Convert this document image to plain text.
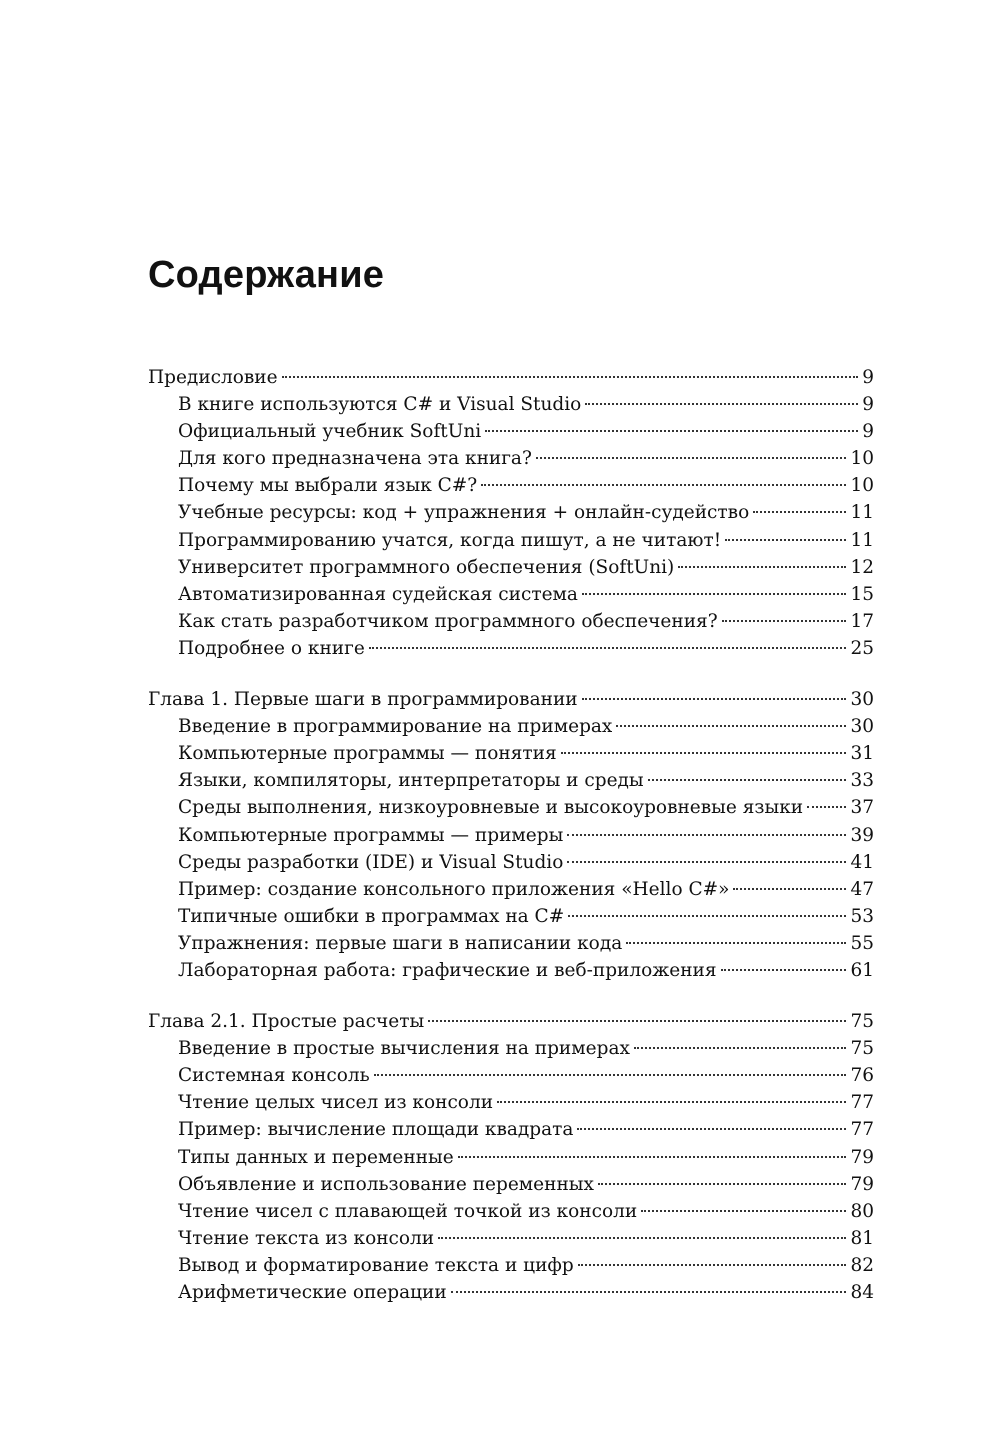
Содержание
Предисловие	9
В книге используются C# и Visual Studio	9
Официальный учебник SoftUni	9
Для кого предназначена эта книга?	10
Почему мы выбрали язык C#?	10
Учебные ресурсы: код + упражнения + онлайн-судейство	11
Программированию учатся, когда пишут, а не читают!	11
Университет программного обеспечения (SoftUni)	12
Автоматизированная судейская система	15
Как стать разработчиком программного обеспечения?	17
Подробнее о книге	25
Глава 1. Первые шаги в программировании	30
Введение в программирование на примерах	30
Компьютерные программы — понятия	31
Языки, компиляторы, интерпретаторы и среды	33
Среды выполнения, низкоуровневые и высокоуровневые языки	37
Компьютерные программы — примеры	39
Среды разработки (IDE) и Visual Studio	41
Пример: создание консольного приложения «Hello C#»	47
Типичные ошибки в программах на C#	53
Упражнения: первые шаги в написании кода	55
Лабораторная работа: графические и веб-приложения	61
Глава 2.1. Простые расчеты	75
Введение в простые вычисления на примерах	75
Системная консоль	76
Чтение целых чисел из консоли	77
Пример: вычисление площади квадрата	77
Типы данных и переменные	79
Объявление и использование переменных	79
Чтение чисел с плавающей точкой из консоли	80
Чтение текста из консоли	81
Вывод и форматирование текста и цифр	82
Арифметические операции	84
